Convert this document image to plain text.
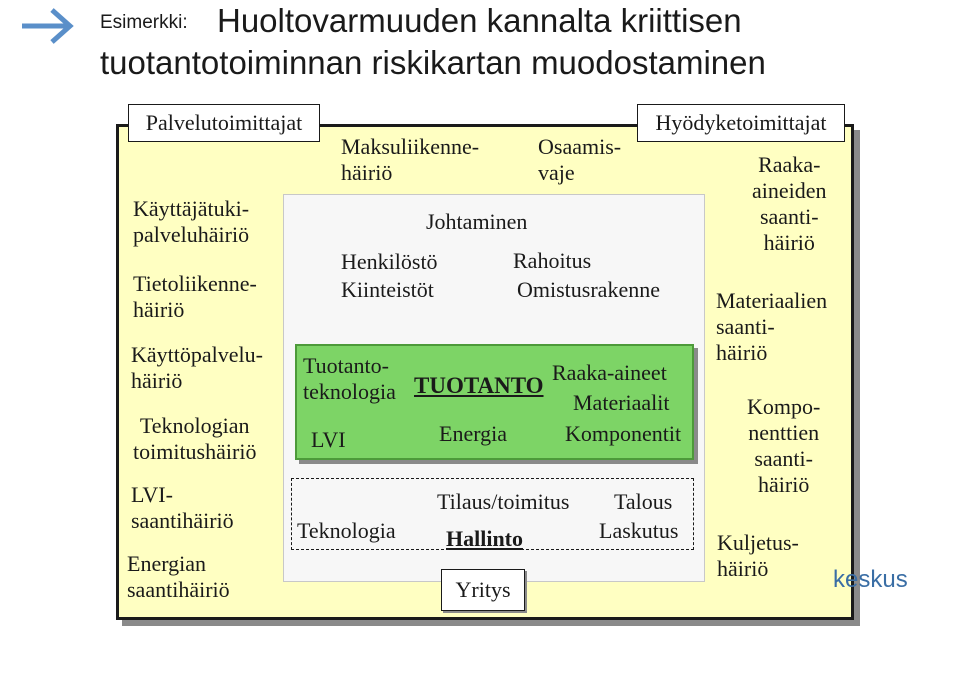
Esimerkki: Huoltovarmuuden kannalta kriittisen
tuotantotoiminnan riskikartan muodostaminen
Palvelutoimittajat	Hyödyketoimittajat
Käyttäjätuki-
palveluhäiriö
Tietoliikenne-
häiriö
Käyttöpalvelu-
häiriö
Teknologian
toimitushäiriö
LVI-
saantihäiriö
Energian
saantihäiriö
Raaka-
aineiden
saanti-
häiriö
Materiaalien
saanti-
häiriö
Kompo-
nenttien
saanti-
häiriö
Kuljetus-
häiriö
Maksuliikenne-
häiriö
Osaamis-
vaje
Johtaminen
Henkilöstö
Kiinteistöt
Rahoitus
Omistusrakenne
Tuotanto-
teknologia TUOTANTO
Raaka-aineet
Materiaalit
Komponentit
LVI	Energia
Tilaus/toimitus Talous
Teknologia Hallinto	Laskutus
Yritys	keskus
